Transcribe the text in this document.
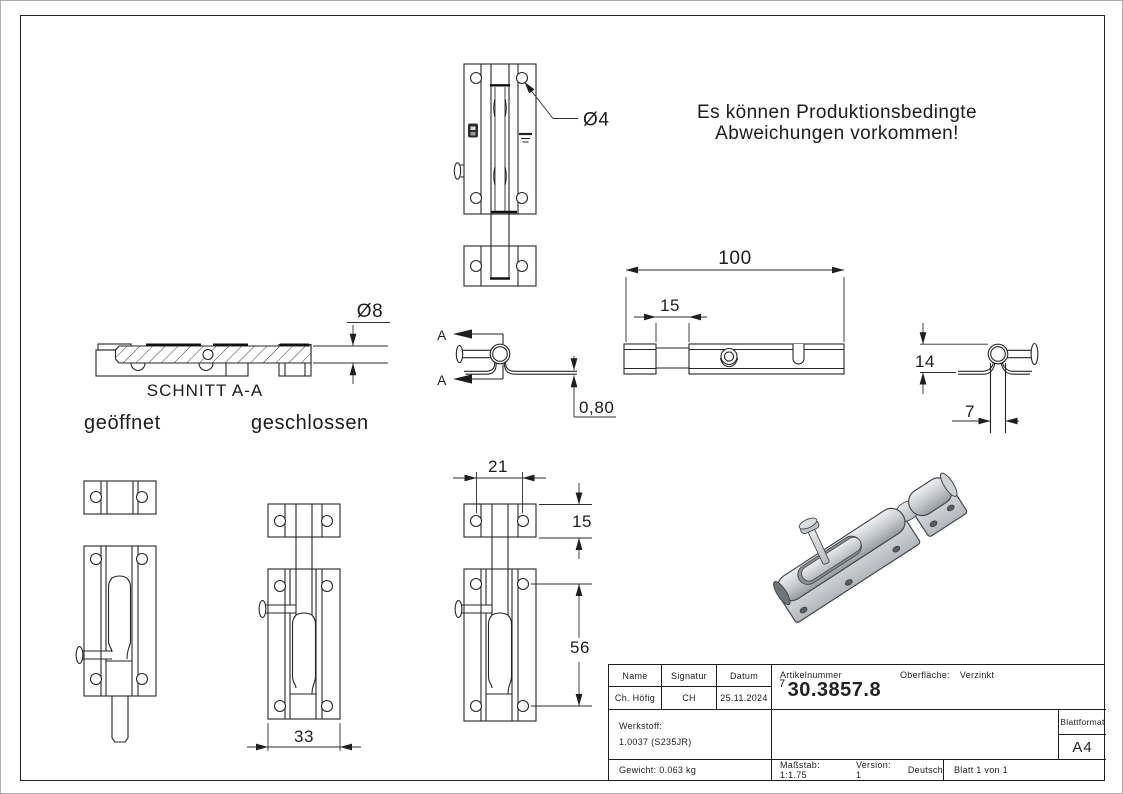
Ø4
Ø8
SCHNITT A-A
A
A
0,80
100
15
14
7
33
21
15
56
Es können Produktionsbedingte
Abweichungen vorkommen!
geöffnet	geschlossen
Name	Signatur	Datum
Ch. Höfig	CH	25.11.2024
Artikelnummer	Oberfläche: Verzinkt
$^7$ 30.3857.8
Werkstoff:
1.0037 (S235JR)
Blattformat
A4
Gewicht: 0.063 kg	Maßstab: 1:1.75
Version: 1	Deutsch Blatt 1 von 1
